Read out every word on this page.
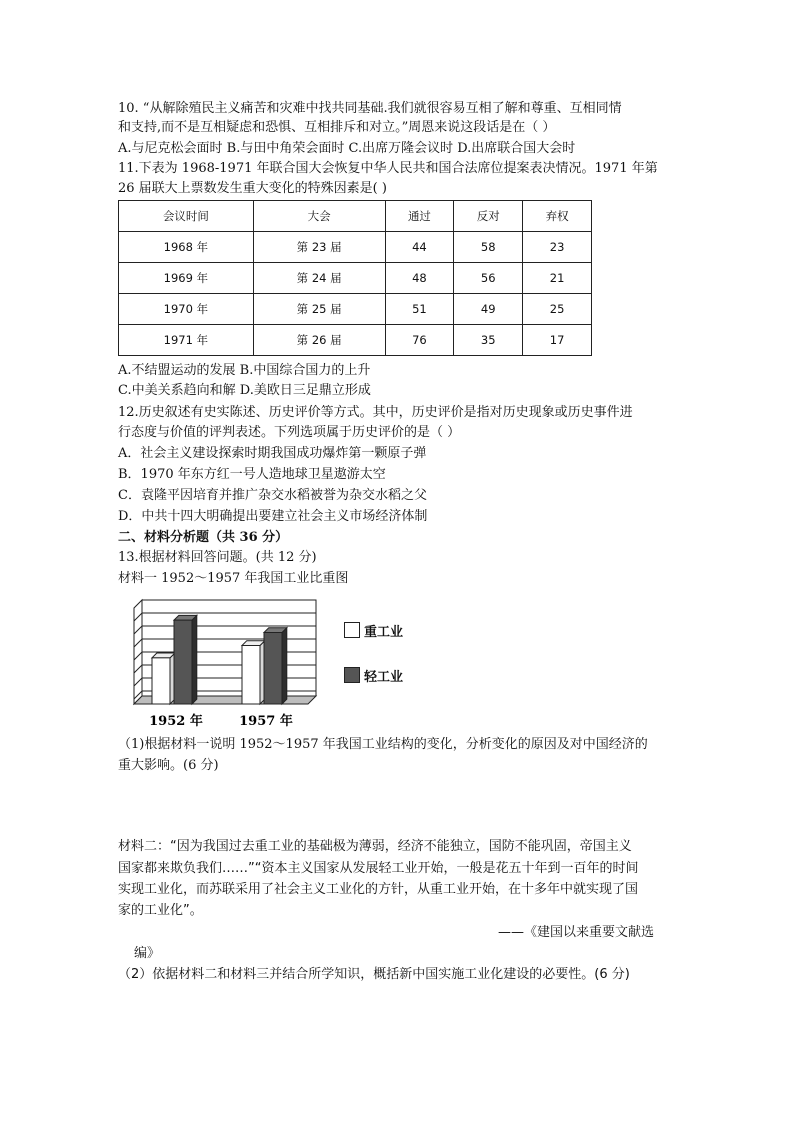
10. “从解除殖民主义痛苦和灾难中找共同基础.我们就很容易互相了解和尊重、互相同情
和支持,而不是互相疑虑和恐惧、互相排斥和对立。”周恩来说这段话是在（ ）
A.与尼克松会面时 B.与田中角荣会面时 C.出席万隆会议时 D.出席联合国大会时
11.下表为 1968-1971 年联合国大会恢复中华人民共和国合法席位提案表决情况。1971 年第
26 届联大上票数发生重大变化的特殊因素是( )
会议时间	大会	通过	反对	弃权
1968 年	第 23 届	44	58	23
1969 年	第 24 届	48	56	21
1970 年	第 25 届	51	49	25
1971 年	第 26 届	76	35	17
A.不结盟运动的发展 B.中国综合国力的上升
C.中美关系趋向和解 D.美欧日三足鼎立形成
12.历史叙述有史实陈述、历史评价等方式。其中，历史评价是指对历史现象或历史事件进
行态度与价值的评判表述。下列选项属于历史评价的是（ ）
A．社会主义建设探索时期我国成功爆炸第一颗原子弹
B．1970 年东方红一号人造地球卫星遨游太空
C．袁隆平因培育并推广杂交水稻被誉为杂交水稻之父
D．中共十四大明确提出要建立社会主义市场经济体制
二、材料分析题（共 36 分）
13.根据材料回答问题。(共 12 分)
材料一 1952～1957 年我国工业比重图
1952 年	1957 年
重工业
轻工业
（1)根据材料一说明 1952～1957 年我国工业结构的变化，分析变化的原因及对中国经济的
重大影响。(6 分)
材料二：“因为我国过去重工业的基础极为薄弱，经济不能独立，国防不能巩固，帝国主义
国家都来欺负我们……”“资本主义国家从发展轻工业开始，一般是花五十年到一百年的时间
实现工业化，而苏联采用了社会主义工业化的方针，从重工业开始，在十多年中就实现了国
家的工业化”。
——《建国以来重要文献选
编》
（2）依据材料二和材料三并结合所学知识，概括新中国实施工业化建设的必要性。(6 分)
